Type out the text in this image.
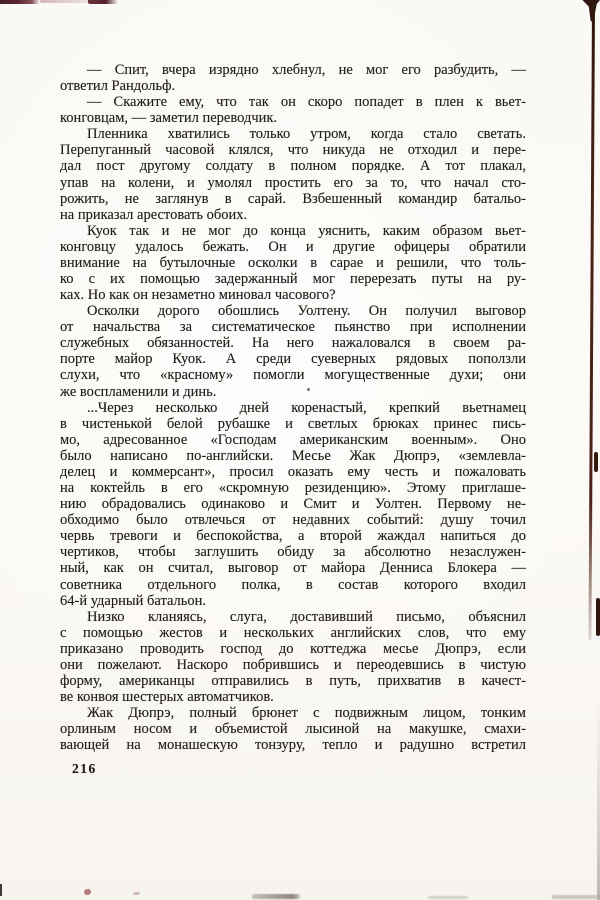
— Спит, вчера изрядно хлебнул, не мог его разбудить, —
ответил Рандольф.
— Скажите ему, что так он скоро попадет в плен к вьет-
конговцам, — заметил переводчик.
Пленника хватились только утром, когда стало светать.
Перепуганный часовой клялся, что никуда не отходил и пере-
дал пост другому солдату в полном порядке. А тот плакал,
упав на колени, и умолял простить его за то, что начал сто-
рожить, не заглянув в сарай. Взбешенный командир батальо-
на приказал арестовать обоих.
Куок так и не мог до конца уяснить, каким образом вьет-
конговцу удалось бежать. Он и другие офицеры обратили
внимание на бутылочные осколки в сарае и решили, что толь-
ко с их помощью задержанный мог перерезать путы на ру-
ках. Но как он незаметно миновал часового?
Осколки дорого обошлись Уолтену. Он получил выговор
от начальства за систематическое пьянство при исполнении
служебных обязанностей. На него нажаловался в своем ра-
порте майор Куок. А среди суеверных рядовых поползли
слухи, что «красному» помогли могущественные духи; они
же воспламенили и динь.
...Через несколько дней коренастый, крепкий вьетнамец
в чистенькой белой рубашке и светлых брюках принес пись-
мо, адресованное «Господам американским военным». Оно
было написано по-английски. Месье Жак Дюпрэ, «землевла-
делец и коммерсант», просил оказать ему честь и пожаловать
на коктейль в его «скромную резиденцию». Этому приглаше-
нию обрадовались одинаково и Смит и Уолтен. Первому не-
обходимо было отвлечься от недавних событий: душу точил
червь тревоги и беспокойства, а второй жаждал напиться до
чертиков, чтобы заглушить обиду за абсолютно незаслужен-
ный, как он считал, выговор от майора Денниса Блокера —
советника отдельного полка, в состав которого входил
64-й ударный батальон.
Низко кланяясь, слуга, доставивший письмо, объяснил
с помощью жестов и нескольких английских слов, что ему
приказано проводить господ до коттеджа месье Дюпрэ, если
они пожелают. Наскоро побрившись и переодевшись в чистую
форму, американцы отправились в путь, прихватив в качест-
ве конвоя шестерых автоматчиков.
Жак Дюпрэ, полный брюнет с подвижным лицом, тонким
орлиным носом и объемистой лысиной на макушке, смахи-
вающей на монашескую тонзуру, тепло и радушно встретил
216
